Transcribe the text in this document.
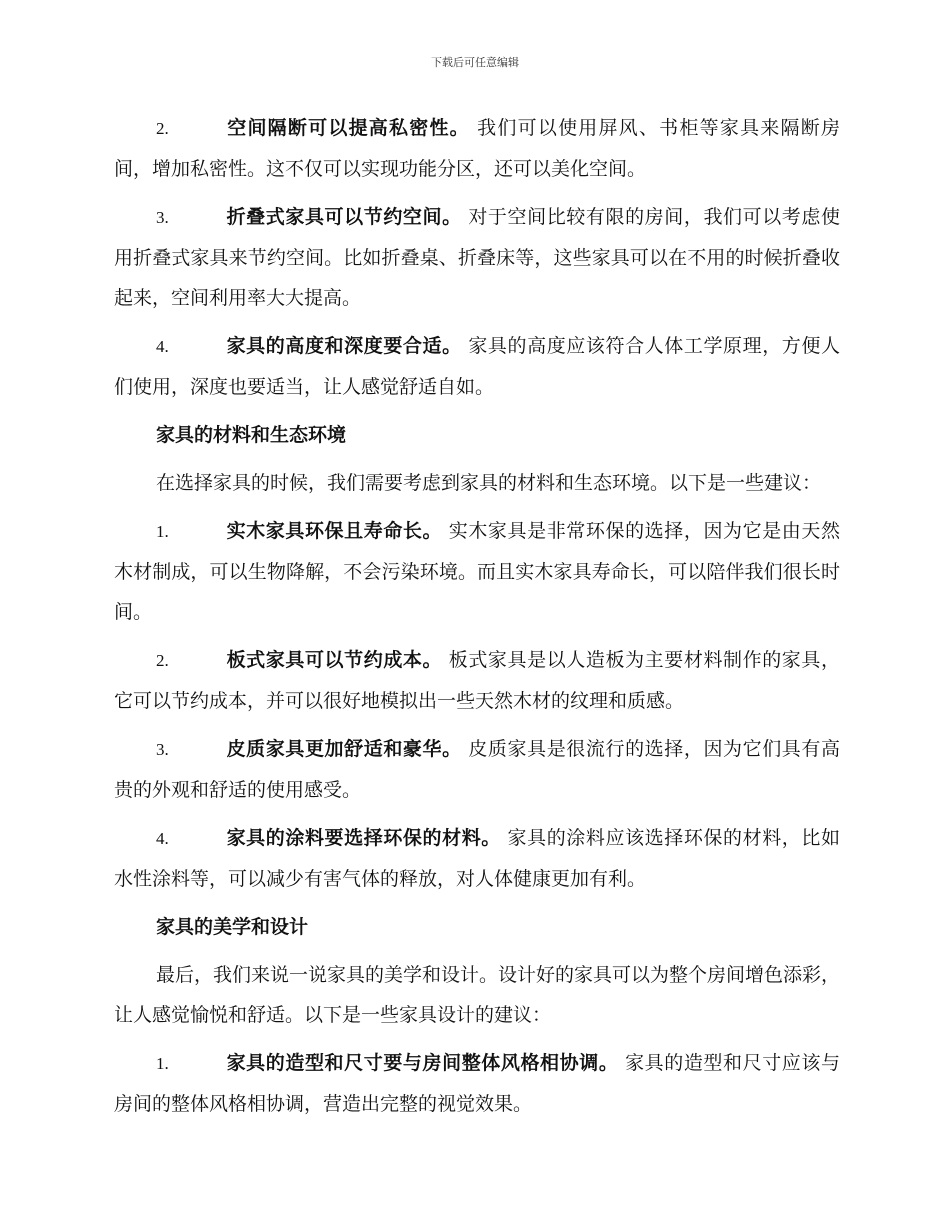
下载后可任意编辑

2.	空间隔断可以提高私密性。 我们可以使用屏风、书柜等家具来隔断房间，增加私密性。这不仅可以实现功能分区，还可以美化空间。

3.	折叠式家具可以节约空间。 对于空间比较有限的房间，我们可以考虑使用折叠式家具来节约空间。比如折叠桌、折叠床等，这些家具可以在不用的时候折叠收起来，空间利用率大大提高。

4.	家具的高度和深度要合适。 家具的高度应该符合人体工学原理，方便人们使用，深度也要适当，让人感觉舒适自如。

家具的材料和生态环境

在选择家具的时候，我们需要考虑到家具的材料和生态环境。以下是一些建议：

1.	实木家具环保且寿命长。 实木家具是非常环保的选择，因为它是由天然木材制成，可以生物降解，不会污染环境。而且实木家具寿命长，可以陪伴我们很长时间。

2.	板式家具可以节约成本。 板式家具是以人造板为主要材料制作的家具，它可以节约成本，并可以很好地模拟出一些天然木材的纹理和质感。

3.	皮质家具更加舒适和豪华。 皮质家具是很流行的选择，因为它们具有高贵的外观和舒适的使用感受。

4.	家具的涂料要选择环保的材料。 家具的涂料应该选择环保的材料，比如水性涂料等，可以减少有害气体的释放，对人体健康更加有利。

家具的美学和设计

最后，我们来说一说家具的美学和设计。设计好的家具可以为整个房间增色添彩，让人感觉愉悦和舒适。以下是一些家具设计的建议：

1.	家具的造型和尺寸要与房间整体风格相协调。 家具的造型和尺寸应该与房间的整体风格相协调，营造出完整的视觉效果。
